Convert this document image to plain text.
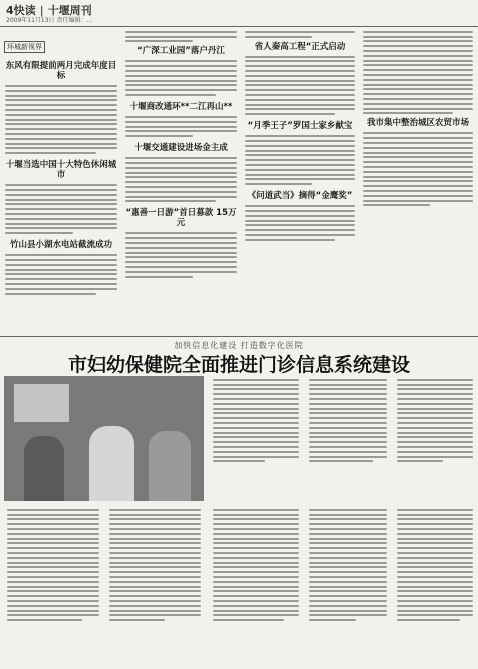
4快读 | 十堰周刊
2009年11月13日 责任编辑：…
环城新视界
东风有限提前两月完成年度目标
十堰当选中国十大特色休闲城市
竹山县小湖水电站截流成功
“广深工业园”落户丹江
十堰商改通环**二江再山**
十堰交通建设进场金主成
“惠善一日游”首日募款 15万元
省人秦高工程“正式启动
“月季王子”罗国士家乡献宝
《问道武当》摘得“金鹰奖”
我市集中整治城区农贸市场
加快信息化建设 打造数字化医院
市妇幼保健院全面推进门诊信息系统建设
